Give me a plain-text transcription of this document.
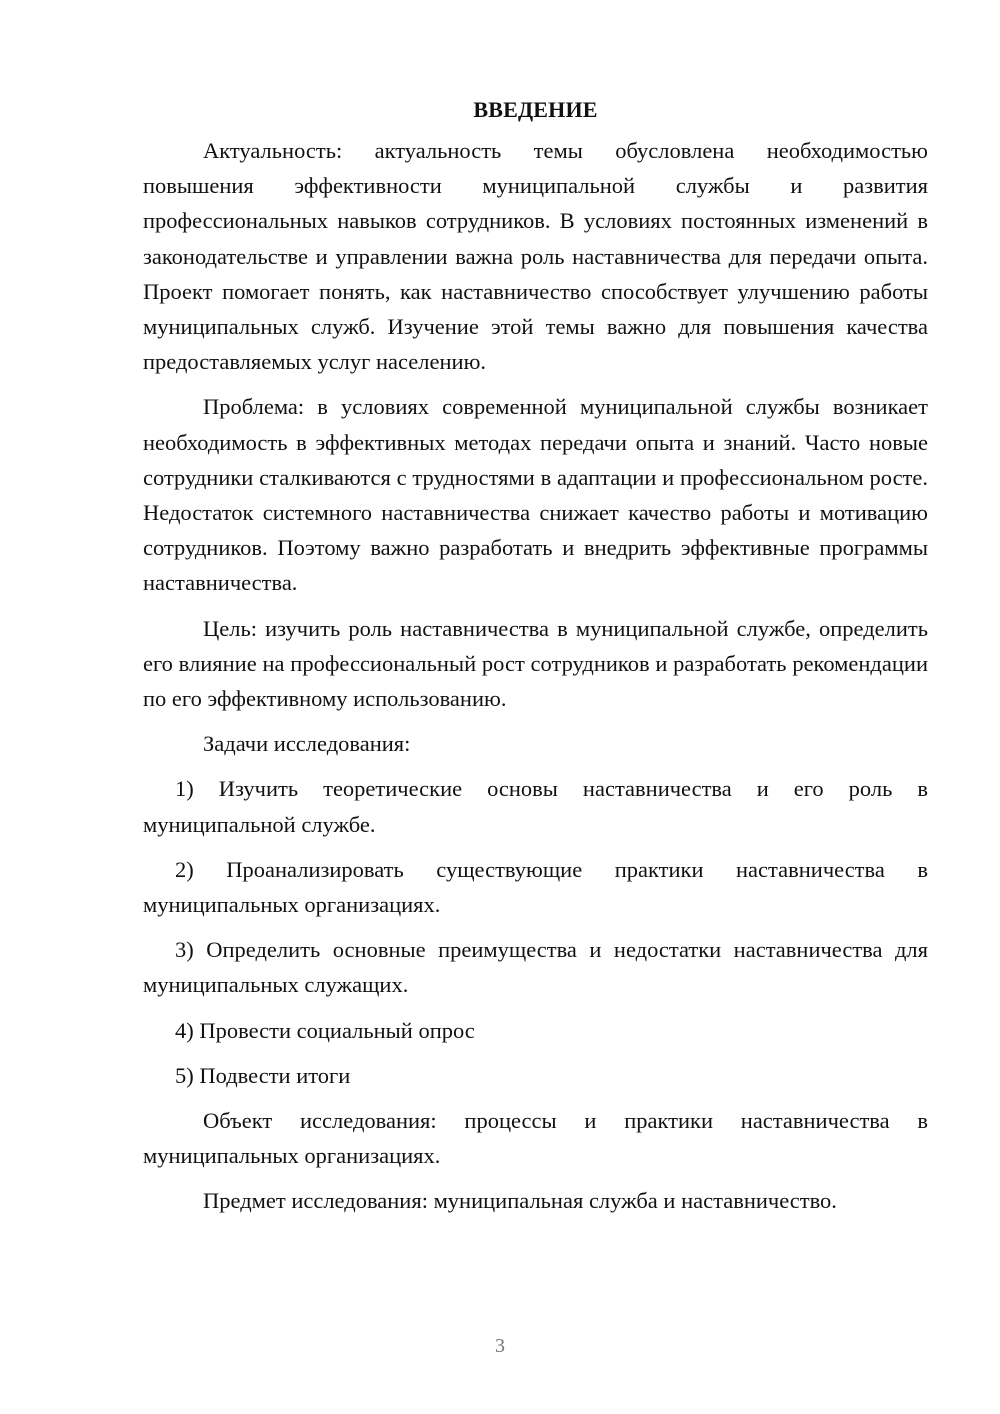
ВВЕДЕНИЕ

Актуальность: актуальность темы обусловлена необходимостью повышения эффективности муниципальной службы и развития профессиональных навыков сотрудников. В условиях постоянных изменений в законодательстве и управлении важна роль наставничества для передачи опыта. Проект помогает понять, как наставничество способствует улучшению работы муниципальных служб. Изучение этой темы важно для повышения качества предоставляемых услуг населению.

Проблема: в условиях современной муниципальной службы возникает необходимость в эффективных методах передачи опыта и знаний. Часто новые сотрудники сталкиваются с трудностями в адаптации и профессиональном росте. Недостаток системного наставничества снижает качество работы и мотивацию сотрудников. Поэтому важно разработать и внедрить эффективные программы наставничества.

Цель: изучить роль наставничества в муниципальной службе, определить его влияние на профессиональный рост сотрудников и разработать рекомендации по его эффективному использованию.

Задачи исследования:

1) Изучить теоретические основы наставничества и его роль в муниципальной службе.

2) Проанализировать существующие практики наставничества в муниципальных организациях.

3) Определить основные преимущества и недостатки наставничества для муниципальных служащих.

4) Провести социальный опрос

5) Подвести итоги

Объект исследования: процессы и практики наставничества в муниципальных организациях.

Предмет исследования: муниципальная служба и наставничество.

3
